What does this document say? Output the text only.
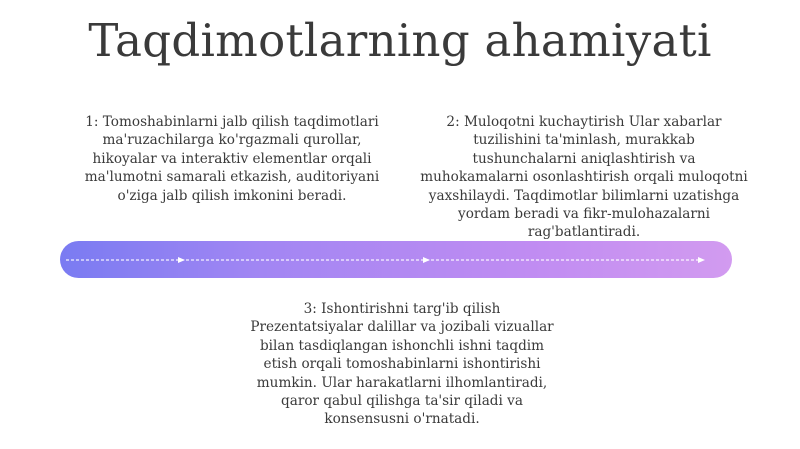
Taqdimotlarning ahamiyati
1: Tomoshabinlarni jalb qilish taqdimotlari ma'ruzachilarga ko'rgazmali qurollar, hikoyalar va interaktiv elementlar orqali ma'lumotni samarali etkazish, auditoriyani o'ziga jalb qilish imkonini beradi.
2: Muloqotni kuchaytirish Ular xabarlar tuzilishini ta'minlash, murakkab tushunchalarni aniqlashtirish va muhokamalarni osonlashtirish orqali muloqotni yaxshilaydi. Taqdimotlar bilimlarni uzatishga yordam beradi va fikr-mulohazalarni rag'batlantiradi.
3: Ishontirishni targ'ib qilish Prezentatsiyalar dalillar va jozibali vizuallar bilan tasdiqlangan ishonchli ishni taqdim etish orqali tomoshabinlarni ishontirishi mumkin. Ular harakatlarni ilhomlantiradi, qaror qabul qilishga ta'sir qiladi va konsensusni o'rnatadi.
